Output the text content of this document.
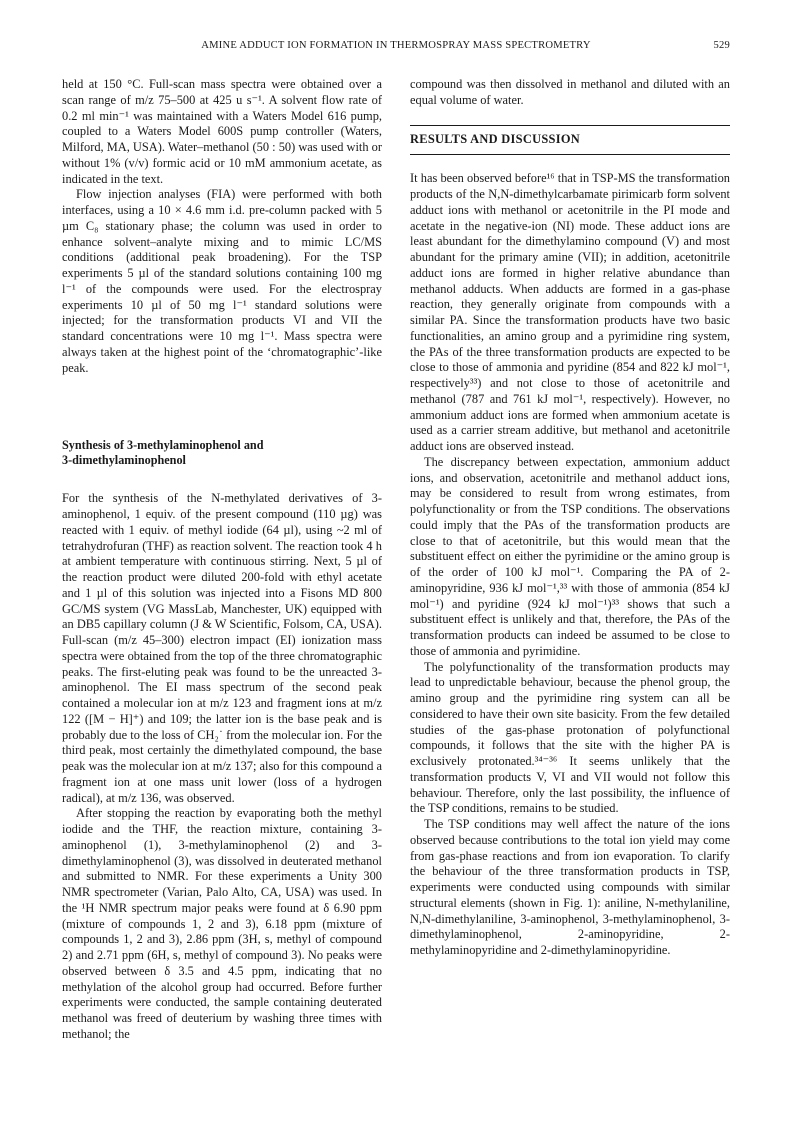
AMINE ADDUCT ION FORMATION IN THERMOSPRAY MASS SPECTROMETRY	529

held at 150 °C. Full-scan mass spectra were obtained over a scan range of m/z 75–500 at 425 u s⁻¹. A solvent flow rate of 0.2 ml min⁻¹ was maintained with a Waters Model 616 pump, coupled to a Waters Model 600S pump controller (Waters, Milford, MA, USA). Water–methanol (50 : 50) was used with or without 1% (v/v) formic acid or 10 mM ammonium acetate, as indicated in the text.

Flow injection analyses (FIA) were performed with both interfaces, using a 10 × 4.6 mm i.d. pre-column packed with 5 µm C₈ stationary phase; the column was used in order to enhance solvent–analyte mixing and to mimic LC/MS conditions (additional peak broadening). For the TSP experiments 5 µl of the standard solutions containing 100 mg l⁻¹ of the compounds were used. For the electrospray experiments 10 µl of 50 mg l⁻¹ standard solutions were injected; for the transformation products VI and VII the standard concentrations were 10 mg l⁻¹. Mass spectra were always taken at the highest point of the ‘chromatographic’-like peak.

Synthesis of 3-methylaminophenol and
3-dimethylaminophenol

For the synthesis of the N-methylated derivatives of 3-aminophenol, 1 equiv. of the present compound (110 µg) was reacted with 1 equiv. of methyl iodide (64 µl), using ~2 ml of tetrahydrofuran (THF) as reaction solvent. The reaction took 4 h at ambient temperature with continuous stirring. Next, 5 µl of the reaction product were diluted 200-fold with ethyl acetate and 1 µl of this solution was injected into a Fisons MD 800 GC/MS system (VG MassLab, Manchester, UK) equipped with an DB5 capillary column (J & W Scientific, Folsom, CA, USA). Full-scan (m/z 45–300) electron impact (EI) ionization mass spectra were obtained from the top of the three chromatographic peaks. The first-eluting peak was found to be the unreacted 3-aminophenol. The EI mass spectrum of the second peak contained a molecular ion at m/z 123 and fragment ions at m/z 122 ([M − H]⁺) and 109; the latter ion is the base peak and is probably due to the loss of CH₂˙ from the molecular ion. For the third peak, most certainly the dimethylated compound, the base peak was the molecular ion at m/z 137; also for this compound a fragment ion at one mass unit lower (loss of a hydrogen radical), at m/z 136, was observed.

After stopping the reaction by evaporating both the methyl iodide and the THF, the reaction mixture, containing 3-aminophenol (1), 3-methylaminophenol (2) and 3-dimethylaminophenol (3), was dissolved in deuterated methanol and submitted to NMR. For these experiments a Unity 300 NMR spectrometer (Varian, Palo Alto, CA, USA) was used. In the ¹H NMR spectrum major peaks were found at δ 6.90 ppm (mixture of compounds 1, 2 and 3), 6.18 ppm (mixture of compounds 1, 2 and 3), 2.86 ppm (3H, s, methyl of compound 2) and 2.71 ppm (6H, s, methyl of compound 3). No peaks were observed between δ 3.5 and 4.5 ppm, indicating that no methylation of the alcohol group had occurred. Before further experiments were conducted, the sample containing deuterated methanol was freed of deuterium by washing three times with methanol; the

compound was then dissolved in methanol and diluted with an equal volume of water.

RESULTS AND DISCUSSION

It has been observed before¹⁶ that in TSP-MS the transformation products of the N,N-dimethylcarbamate pirimicarb form solvent adduct ions with methanol or acetonitrile in the PI mode and acetate in the negative-ion (NI) mode. These adduct ions are least abundant for the dimethylamino compound (V) and most abundant for the primary amine (VII); in addition, acetonitrile adduct ions are formed in higher relative abundance than methanol adducts. When adducts are formed in a gas-phase reaction, they generally originate from compounds with a similar PA. Since the transformation products have two basic functionalities, an amino group and a pyrimidine ring system, the PAs of the three transformation products are expected to be close to those of ammonia and pyridine (854 and 822 kJ mol⁻¹, respectively³³) and not close to those of acetonitrile and methanol (787 and 761 kJ mol⁻¹, respectively). However, no ammonium adduct ions are formed when ammonium acetate is used as a carrier stream additive, but methanol and acetonitrile adduct ions are observed instead.

The discrepancy between expectation, ammonium adduct ions, and observation, acetonitrile and methanol adduct ions, may be considered to result from wrong estimates, from polyfunctionality or from the TSP conditions. The observations could imply that the PAs of the transformation products are close to that of acetonitrile, but this would mean that the substituent effect on either the pyrimidine or the amino group is of the order of 100 kJ mol⁻¹. Comparing the PA of 2-aminopyridine, 936 kJ mol⁻¹,³³ with those of ammonia (854 kJ mol⁻¹) and pyridine (924 kJ mol⁻¹)³³ shows that such a substituent effect is unlikely and that, therefore, the PAs of the transformation products can indeed be assumed to be close to those of ammonia and pyrimidine.

The polyfunctionality of the transformation products may lead to unpredictable behaviour, because the phenol group, the amino group and the pyrimidine ring system can all be considered to have their own site basicity. From the few detailed studies of the gas-phase protonation of polyfunctional compounds, it follows that the site with the higher PA is exclusively protonated.³⁴⁻³⁶ It seems unlikely that the transformation products V, VI and VII would not follow this behaviour. Therefore, only the last possibility, the influence of the TSP conditions, remains to be studied.

The TSP conditions may well affect the nature of the ions observed because contributions to the total ion yield may come from gas-phase reactions and from ion evaporation. To clarify the behaviour of the three transformation products in TSP, experiments were conducted using compounds with similar structural elements (shown in Fig. 1): aniline, N-methylaniline, N,N-dimethylaniline, 3-aminophenol, 3-methylaminophenol, 3-dimethylaminophenol, 2-aminopyridine, 2-methylaminopyridine and 2-dimethylaminopyridine.
